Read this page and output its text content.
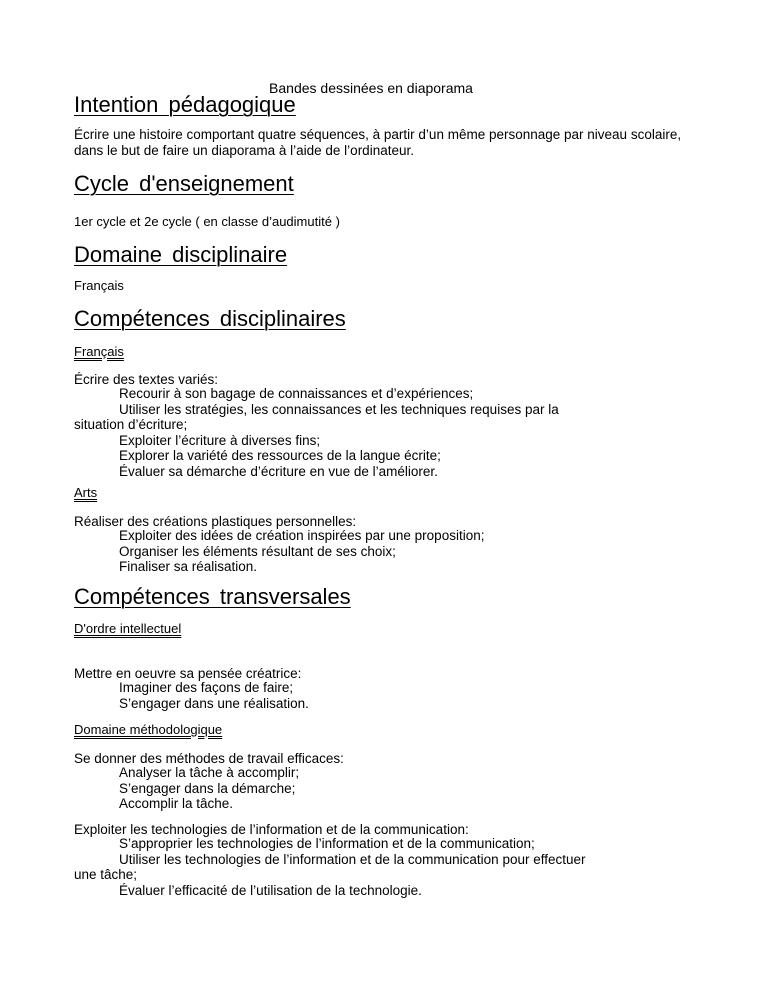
Bandes dessinées en diaporama
Intention pédagogique
Écrire une histoire comportant quatre séquences, à partir d’un même personnage par niveau scolaire, dans le but de faire un diaporama à l’aide de l’ordinateur.
Cycle d'enseignement
1er cycle et 2e cycle ( en classe d’audimutité )
Domaine disciplinaire
Français
Compétences disciplinaires
Français
Écrire des textes variés:
Recourir à son bagage de connaissances et d’expériences;
Utiliser les stratégies, les connaissances et les techniques requises par la
situation d’écriture;
Exploiter l’écriture à diverses fins;
Explorer la variété des ressources de la langue écrite;
Évaluer sa démarche d’écriture en vue de l’améliorer.
Arts
Réaliser des créations plastiques personnelles:
Exploiter des idées de création inspirées par une proposition;
Organiser les éléments résultant de ses choix;
Finaliser sa réalisation.
Compétences transversales
D'ordre intellectuel
Mettre en oeuvre sa pensée créatrice:
Imaginer des façons de faire;
S’engager dans une réalisation.
Domaine méthodologique
Se donner des méthodes de travail efficaces:
Analyser la tâche à accomplir;
S’engager dans la démarche;
Accomplir la tâche.
Exploiter les technologies de l’information et de la communication:
S’approprier les technologies de l’information et de la communication;
Utiliser les technologies de l’information et de la communication pour effectuer
une tâche;
Évaluer l’efficacité de l’utilisation de la technologie.
